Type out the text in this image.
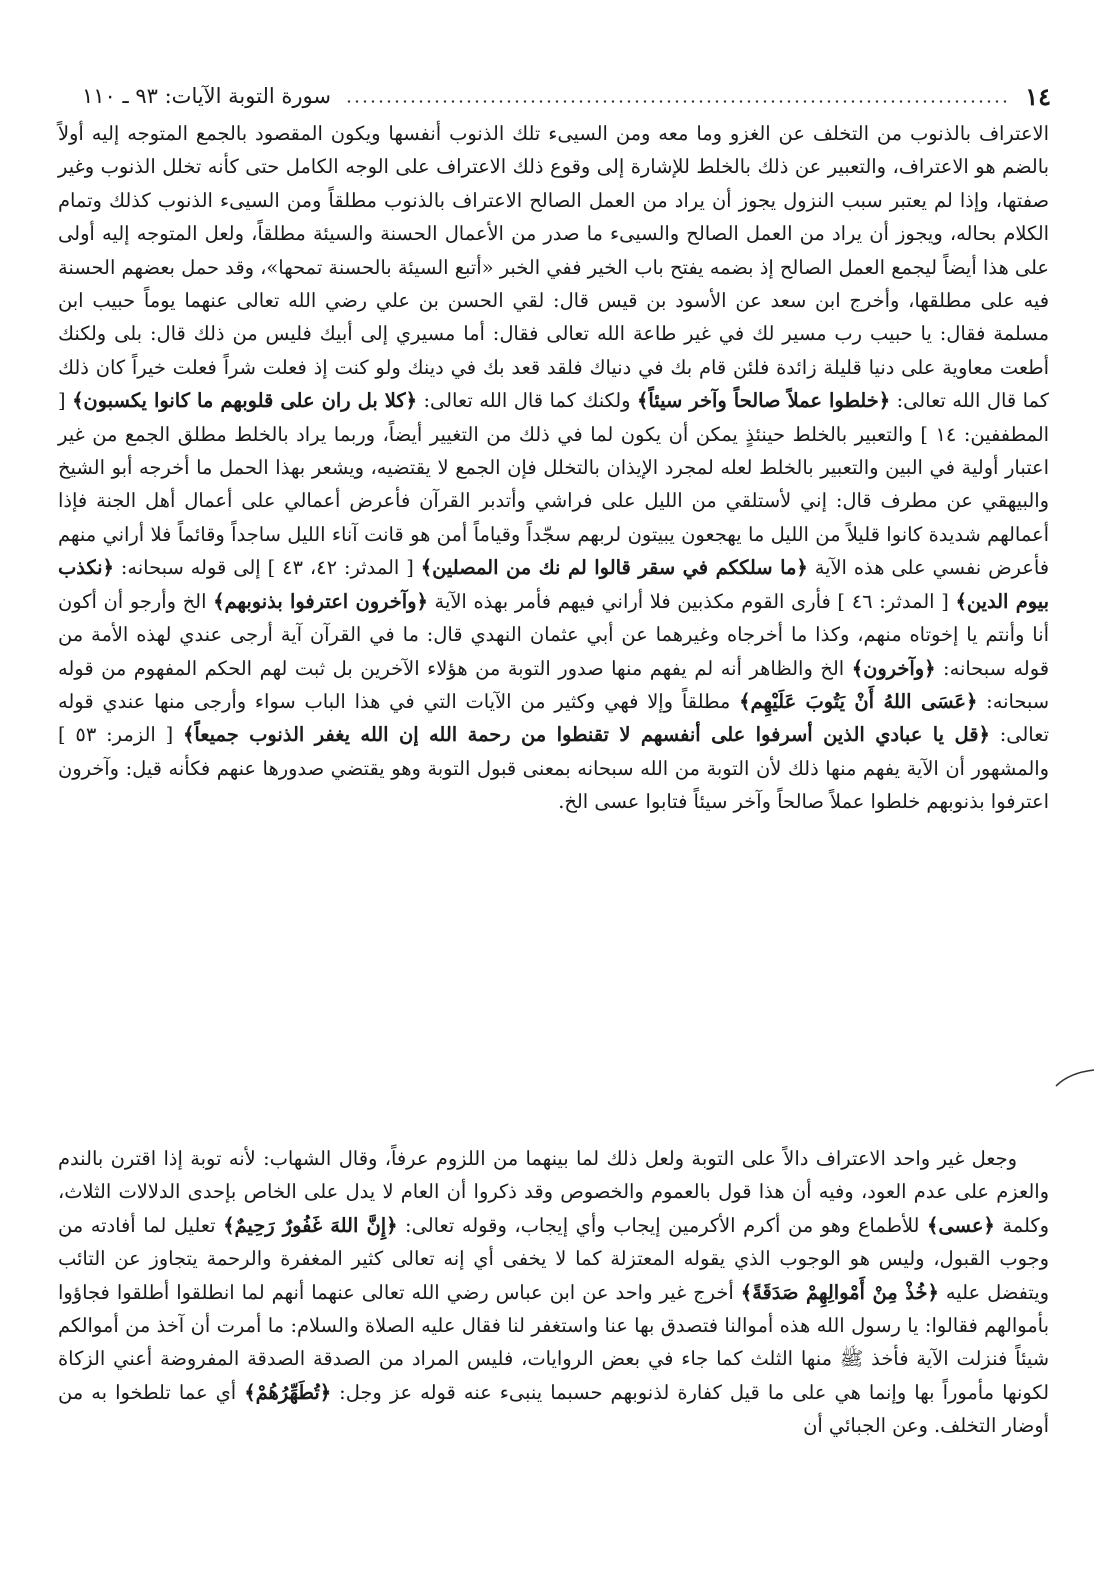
١٤
سورة التوبة الآيات: ٩٣ ـ ١١٠

الاعتراف بالذنوب من التخلف عن الغزو وما معه ومن السيىء تلك الذنوب أنفسها ويكون المقصود بالجمع المتوجه إليه أولاً بالضم هو الاعتراف، والتعبير عن ذلك بالخلط للإشارة إلى وقوع ذلك الاعتراف على الوجه الكامل حتى كأنه تخلل الذنوب وغير صفتها، وإذا لم يعتبر سبب النزول يجوز أن يراد من العمل الصالح الاعتراف بالذنوب مطلقاً ومن السيىء الذنوب كذلك وتمام الكلام بحاله، ويجوز أن يراد من العمل الصالح والسيىء ما صدر من الأعمال الحسنة والسيئة مطلقاً، ولعل المتوجه إليه أولى على هذا أيضاً ليجمع العمل الصالح إذ بضمه يفتح باب الخير ففي الخبر «أتبع السيئة بالحسنة تمحها»، وقد حمل بعضهم الحسنة فيه على مطلقها، وأخرج ابن سعد عن الأسود بن قيس قال: لقي الحسن بن علي رضي الله تعالى عنهما يوماً حبيب ابن مسلمة فقال: يا حبيب رب مسير لك في غير طاعة الله تعالى فقال: أما مسيري إلى أبيك فليس من ذلك قال: بلى ولكنك أطعت معاوية على دنيا قليلة زائدة فلئن قام بك في دنياك فلقد قعد بك في دينك ولو كنت إذ فعلت شراً فعلت خيراً كان ذلك كما قال الله تعالى: ﴿خلطوا عملاً صالحاً وآخر سيئاً﴾ ولكنك كما قال الله تعالى: ﴿كلا بل ران على قلوبهم ما كانوا يكسبون﴾ [ المطففين: ١٤ ] والتعبير بالخلط حينئذٍ يمكن أن يكون لما في ذلك من التغيير أيضاً، وربما يراد بالخلط مطلق الجمع من غير اعتبار أولية في البين والتعبير بالخلط لعله لمجرد الإيذان بالتخلل فإن الجمع لا يقتضيه، ويشعر بهذا الحمل ما أخرجه أبو الشيخ والبيهقي عن مطرف قال: إني لأستلقي من الليل على فراشي وأتدبر القرآن فأعرض أعمالي على أعمال أهل الجنة فإذا أعمالهم شديدة كانوا قليلاً من الليل ما يهجعون يبيتون لربهم سجّداً وقياماً أمن هو قانت آناء الليل ساجداً وقائماً فلا أراني منهم فأعرض نفسي على هذه الآية ﴿ما سلككم في سقر قالوا لم نك من المصلين﴾ [ المدثر: ٤٢، ٤٣ ] إلى قوله سبحانه: ﴿نكذب بيوم الدين﴾ [ المدثر: ٤٦ ] فأرى القوم مكذبين فلا أراني فيهم فأمر بهذه الآية ﴿وآخرون اعترفوا بذنوبهم﴾ الخ وأرجو أن أكون أنا وأنتم يا إخوتاه منهم، وكذا ما أخرجاه وغيرهما عن أبي عثمان النهدي قال: ما في القرآن آية أرجى عندي لهذه الأمة من قوله سبحانه: ﴿وآخرون﴾ الخ والظاهر أنه لم يفهم منها صدور التوبة من هؤلاء الآخرين بل ثبت لهم الحكم المفهوم من قوله سبحانه: ﴿عَسَى اللهُ أَنْ يَتُوبَ عَلَيْهِم﴾ مطلقاً وإلا فهي وكثير من الآيات التي في هذا الباب سواء وأرجى منها عندي قوله تعالى: ﴿قل يا عبادي الذين أسرفوا على أنفسهم لا تقنطوا من رحمة الله إن الله يغفر الذنوب جميعاً﴾ [ الزمر: ٥٣ ] والمشهور أن الآية يفهم منها ذلك لأن التوبة من الله سبحانه بمعنى قبول التوبة وهو يقتضي صدورها عنهم فكأنه قيل: وآخرون اعترفوا بذنوبهم خلطوا عملاً صالحاً وآخر سيئاً فتابوا عسى الخ.

وجعل غير واحد الاعتراف دالاً على التوبة ولعل ذلك لما بينهما من اللزوم عرفاً، وقال الشهاب: لأنه توبة إذا اقترن بالندم والعزم على عدم العود، وفيه أن هذا قول بالعموم والخصوص وقد ذكروا أن العام لا يدل على الخاص بإحدى الدلالات الثلاث، وكلمة ﴿عسى﴾ للأطماع وهو من أكرم الأكرمين إيجاب وأي إيجاب، وقوله تعالى: ﴿إِنَّ اللهَ غَفُورٌ رَحِيمٌ﴾ تعليل لما أفادته من وجوب القبول، وليس هو الوجوب الذي يقوله المعتزلة كما لا يخفى أي إنه تعالى كثير المغفرة والرحمة يتجاوز عن التائب ويتفضل عليه ﴿خُذْ مِنْ أَمْوالِهِمْ صَدَقَةً﴾ أخرج غير واحد عن ابن عباس رضي الله تعالى عنهما أنهم لما انطلقوا أطلقوا فجاؤوا بأموالهم فقالوا: يا رسول الله هذه أموالنا فتصدق بها عنا واستغفر لنا فقال عليه الصلاة والسلام: ما أمرت أن آخذ من أموالكم شيئاً فنزلت الآية فأخذ ﷺ منها الثلث كما جاء في بعض الروايات، فليس المراد من الصدقة الصدقة المفروضة أعني الزكاة لكونها مأموراً بها وإنما هي على ما قيل كفارة لذنوبهم حسبما ينبىء عنه قوله عز وجل: ﴿تُطَهِّرُهُمْ﴾ أي عما تلطخوا به من أوضار التخلف. وعن الجبائي أن
